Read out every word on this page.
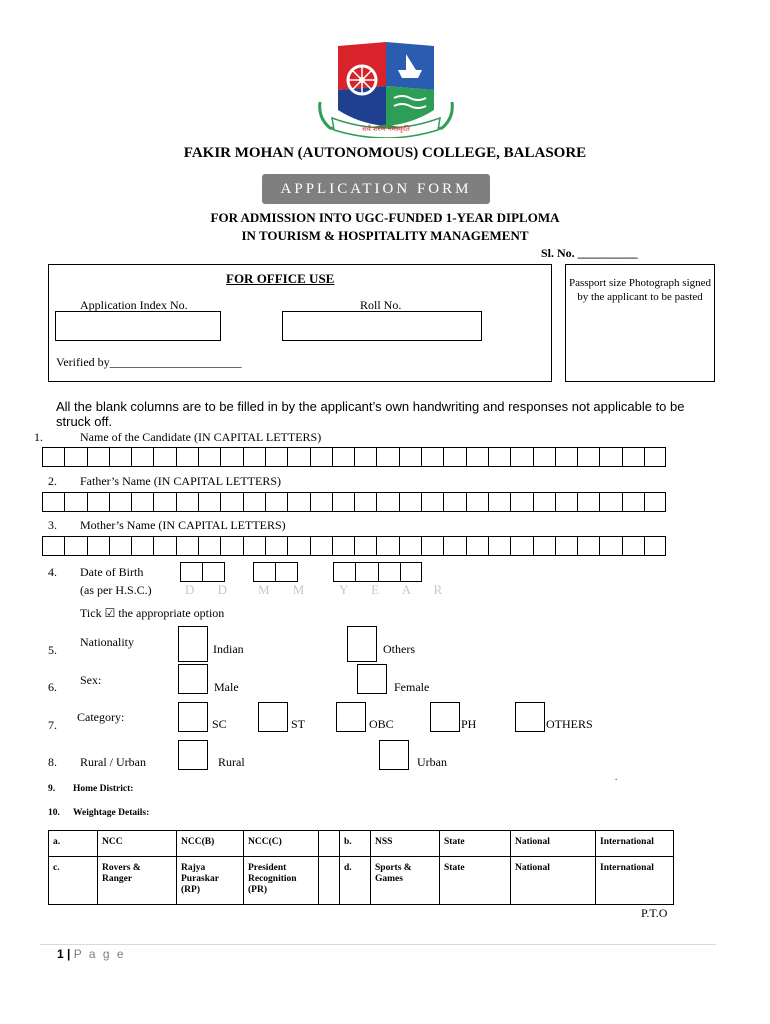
सर्वे शरणं नमस्कृति
FAKIR MOHAN (AUTONOMOUS) COLLEGE, BALASORE
APPLICATION FORM
FOR ADMISSION INTO UGC-FUNDED 1-YEAR DIPLOMA
IN TOURISM & HOSPITALITY MANAGEMENT
Sl. No. __________
FOR OFFICE USE
Application Index No.	Roll No.
Verified by______________________
Passport size Photograph signed by the applicant to be pasted
All the blank columns are to be filled in by the applicant’s own handwriting and responses not applicable to be struck off.
1.	Name of the Candidate (IN CAPITAL LETTERS)
2. Father’s Name (IN CAPITAL LETTERS)
3. Mother’s Name (IN CAPITAL LETTERS)
4. Date of Birth
(as per H.S.C.)	D D M M Y E A R
Tick ☑ the appropriate option
5.
Nationality	Indian	Others
6. Sex:	Male	Female
7.
Category:	SC	ST	OBC	PH	OTHERS
8. Rural / Urban	Rural	Urban
.
9. Home District:
10. Weightage Details:
a.	NCC	NCC(B)	NCC(C)		b.	NSS	State	National	International
c.	Rovers & Ranger	Rajya Puraskar (RP)	President Recognition (PR)		d.	Sports & Games	State	National	International
P.T.O
1 | P a g e
